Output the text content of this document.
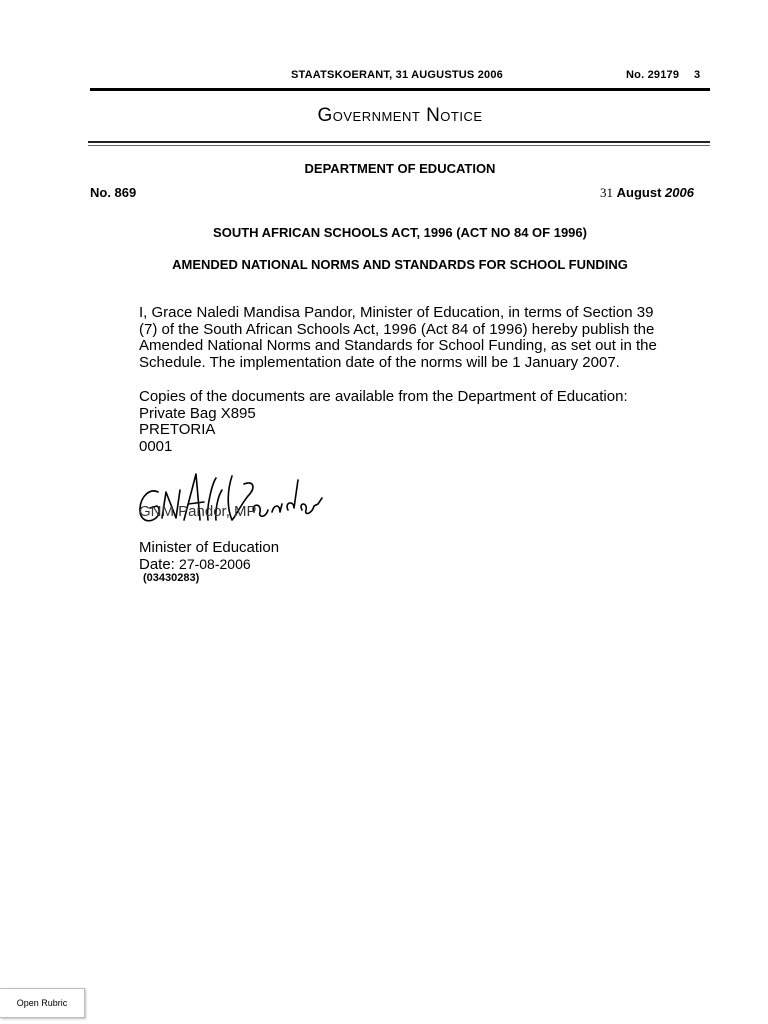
STAATSKOERANT, 31 AUGUSTUS 2006	No. 29179 3
Government Notice
DEPARTMENT OF EDUCATION
No. 869	31 August 2006
SOUTH AFRICAN SCHOOLS ACT, 1996 (ACT NO 84 OF 1996)
AMENDED NATIONAL NORMS AND STANDARDS FOR SCHOOL FUNDING

I, Grace Naledi Mandisa Pandor, Minister of Education, in terms of Section 39

(7) of the South African Schools Act, 1996 (Act 84 of 1996) hereby publish the

Amended National Norms and Standards for School Funding, as set out in the

Schedule. The implementation date of the norms will be 1 January 2007.

Copies of the documents are available from the Department of Education:

Private Bag X895

PRETORIA

0001

GNM Pandor, MP
Minister of Education
Date: 27-08-2006
(03430283)
Open Rubric
